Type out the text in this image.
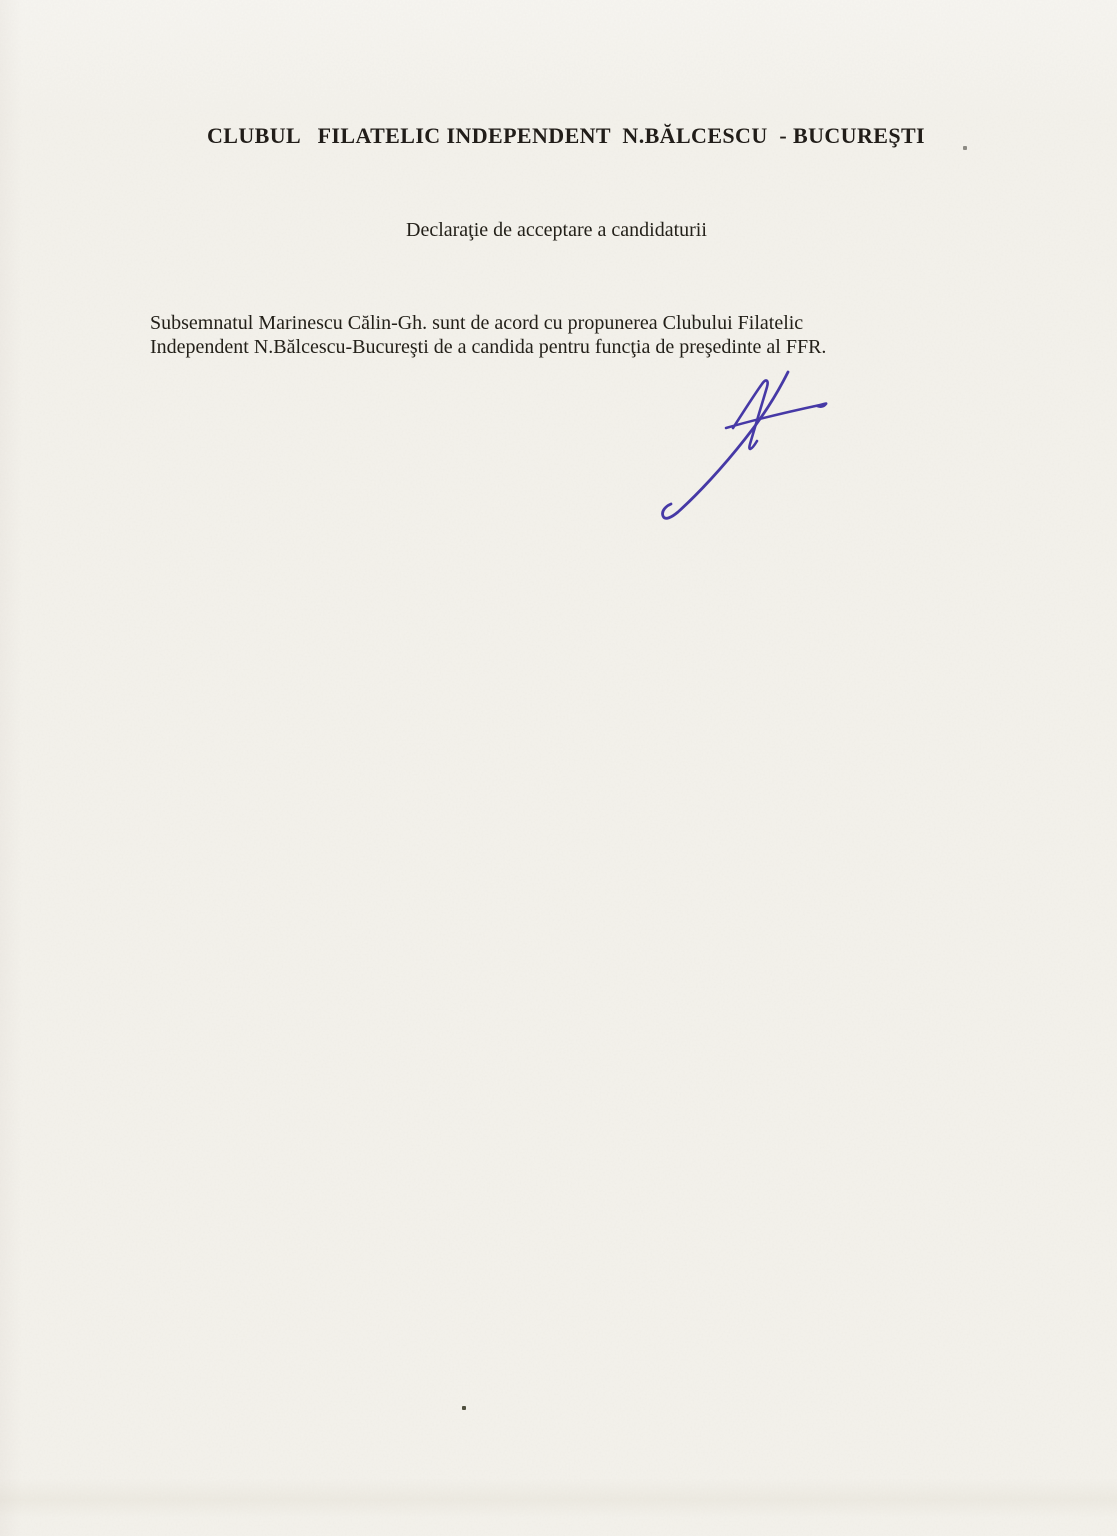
CLUBUL   FILATELIC INDEPENDENT  N.BĂLCESCU  - BUCUREŞTI
Declaraţie de acceptare a candidaturii

Subsemnatul Marinescu Călin-Gh. sunt de acord cu propunerea Clubului Filatelic
Independent N.Bălcescu-Bucureşti de a candida pentru funcţia de preşedinte al FFR.
